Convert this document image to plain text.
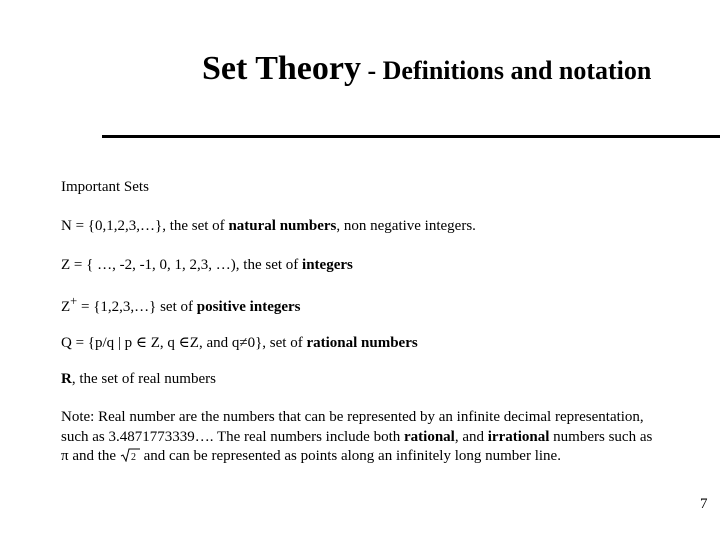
Set Theory - Definitions and notation
Important Sets
N = {0,1,2,3,…}, the set of natural numbers, non negative integers.
Z = { …, -2, -1, 0, 1, 2,3, …), the set of integers
Z+ = {1,2,3,…} set of positive integers
Q = {p/q | p ∈ Z, q ∈Z, and q≠0}, set of rational numbers
R, the set of real numbers
Note: Real number are the numbers that can be represented by an infinite decimal representation, such as 3.4871773339…. The real numbers include both rational, and irrational numbers such as π and the 2 and can be represented as points along an infinitely long number line.
7
